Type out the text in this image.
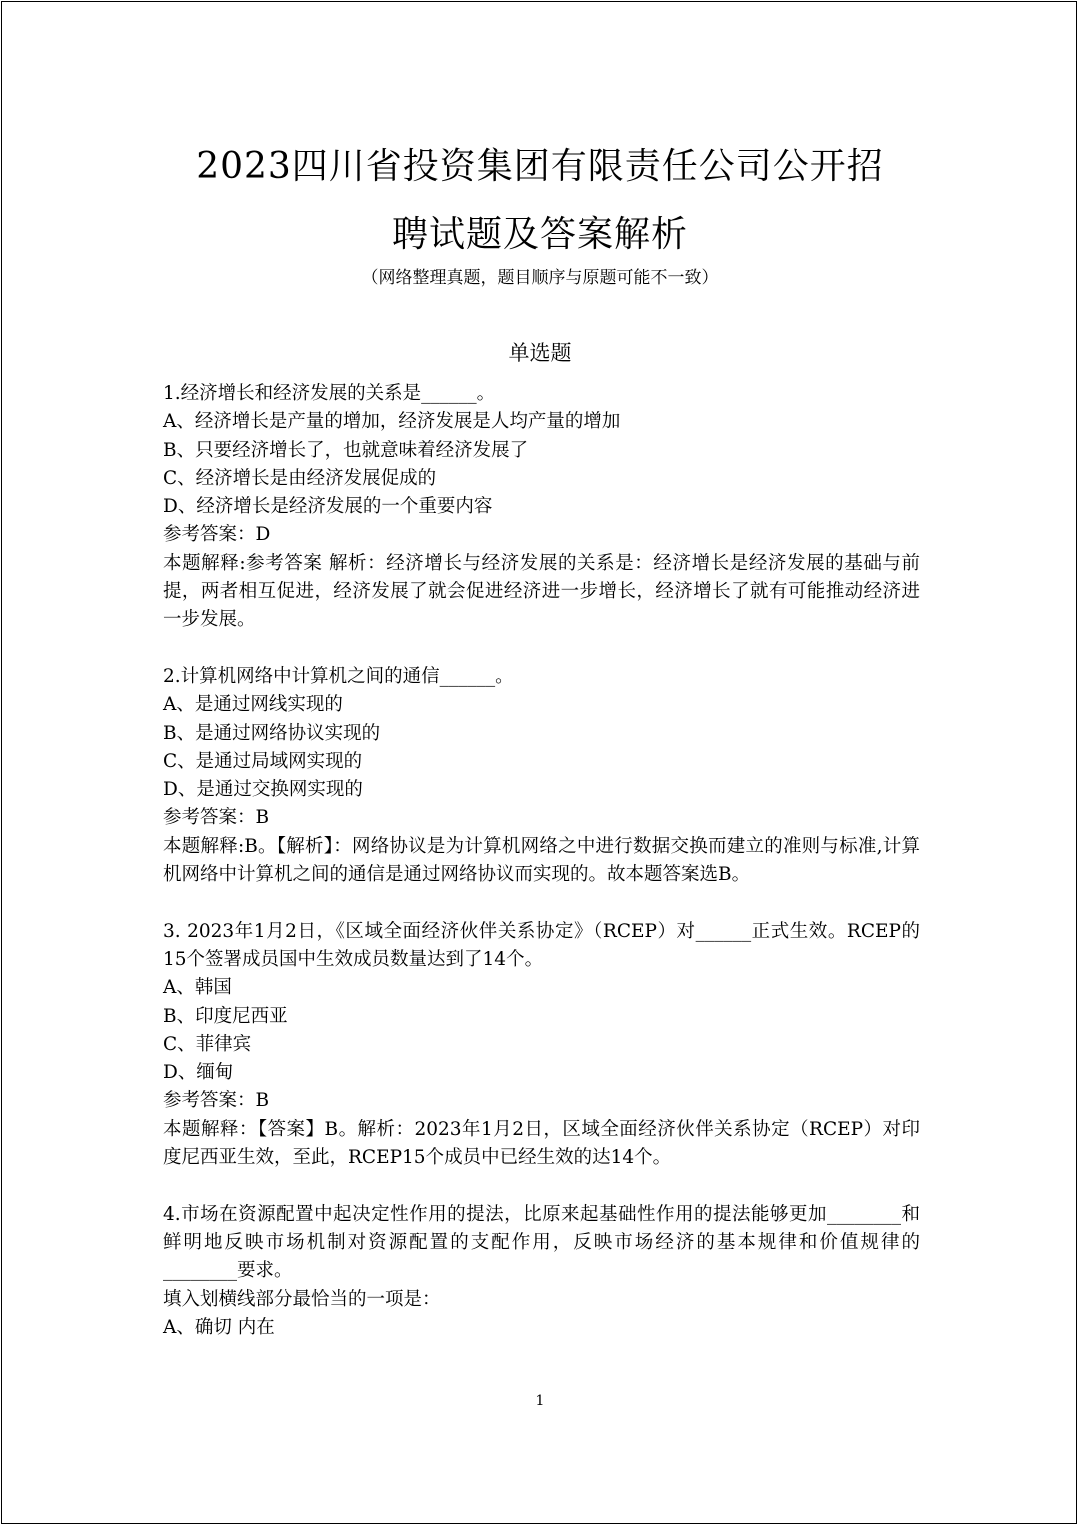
2023四川省投资集团有限责任公司公开招
聘试题及答案解析
（网络整理真题，题目顺序与原题可能不一致）
单选题

1.经济增长和经济发展的关系是______。

A、经济增长是产量的增加，经济发展是人均产量的增加

B、只要经济增长了，也就意味着经济发展了

C、经济增长是由经济发展促成的

D、经济增长是经济发展的一个重要内容

参考答案：D

本题解释:参考答案 解析：经济增长与经济发展的关系是：经济增长是经济发展的基础与前提，两者相互促进，经济发展了就会促进经济进一步增长，经济增长了就有可能推动经济进一步发展。

2.计算机网络中计算机之间的通信______。

A、是通过网线实现的

B、是通过网络协议实现的

C、是通过局域网实现的

D、是通过交换网实现的

参考答案：B

本题解释:B。【解析】：网络协议是为计算机网络之中进行数据交换而建立的准则与标准,计算机网络中计算机之间的通信是通过网络协议而实现的。故本题答案选B。

3. 2023年1月2日，《区域全面经济伙伴关系协定》（RCEP）对______正式生效。RCEP的15个签署成员国中生效成员数量达到了14个。

A、韩国

B、印度尼西亚

C、菲律宾

D、缅甸

参考答案：B

本题解释：【答案】B。解析：2023年1月2日，区域全面经济伙伴关系协定（RCEP）对印度尼西亚生效，至此，RCEP15个成员中已经生效的达14个。

4.市场在资源配置中起决定性作用的提法，比原来起基础性作用的提法能够更加________和鲜明地反映市场机制对资源配置的支配作用，反映市场经济的基本规律和价值规律的________要求。

填入划横线部分最恰当的一项是：

A、确切 内在

1
